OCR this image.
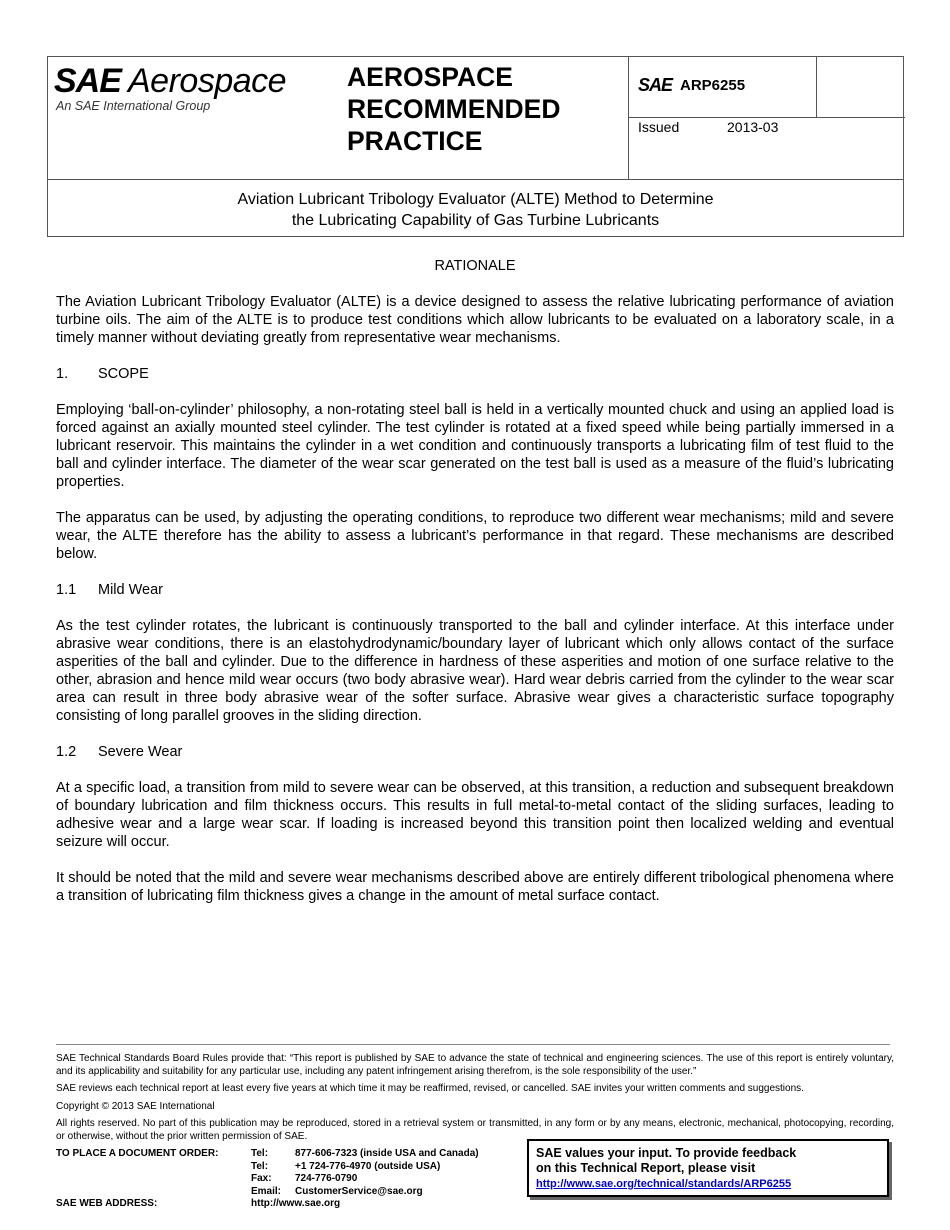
SAE Aerospace
An SAE International Group
AEROSPACE
RECOMMENDED
PRACTICE
SAE ARP6255
Issued	2013-03
Aviation Lubricant Tribology Evaluator (ALTE) Method to Determine
the Lubricating Capability of Gas Turbine Lubricants
RATIONALE

The Aviation Lubricant Tribology Evaluator (ALTE) is a device designed to assess the relative lubricating performance of aviation turbine oils. The aim of the ALTE is to produce test conditions which allow lubricants to be evaluated on a laboratory scale, in a timely manner without deviating greatly from representative wear mechanisms.

1.	SCOPE

Employing ‘ball-on-cylinder’ philosophy, a non-rotating steel ball is held in a vertically mounted chuck and using an applied load is forced against an axially mounted steel cylinder. The test cylinder is rotated at a fixed speed while being partially immersed in a lubricant reservoir. This maintains the cylinder in a wet condition and continuously transports a lubricating film of test fluid to the ball and cylinder interface. The diameter of the wear scar generated on the test ball is used as a measure of the fluid’s lubricating properties.

The apparatus can be used, by adjusting the operating conditions, to reproduce two different wear mechanisms; mild and severe wear, the ALTE therefore has the ability to assess a lubricant’s performance in that regard. These mechanisms are described below.

1.1	Mild Wear

As the test cylinder rotates, the lubricant is continuously transported to the ball and cylinder interface. At this interface under abrasive wear conditions, there is an elastohydrodynamic/boundary layer of lubricant which only allows contact of the surface asperities of the ball and cylinder. Due to the difference in hardness of these asperities and motion of one surface relative to the other, abrasion and hence mild wear occurs (two body abrasive wear). Hard wear debris carried from the cylinder to the wear scar area can result in three body abrasive wear of the softer surface. Abrasive wear gives a characteristic surface topography consisting of long parallel grooves in the sliding direction.

1.2	Severe Wear

At a specific load, a transition from mild to severe wear can be observed, at this transition, a reduction and subsequent breakdown of boundary lubrication and film thickness occurs. This results in full metal-to-metal contact of the sliding surfaces, leading to adhesive wear and a large wear scar. If loading is increased beyond this transition point then localized welding and eventual seizure will occur.

It should be noted that the mild and severe wear mechanisms described above are entirely different tribological phenomena where a transition of lubricating film thickness gives a change in the amount of metal surface contact.

SAE Technical Standards Board Rules provide that: “This report is published by SAE to advance the state of technical and engineering sciences. The use of this report is entirely voluntary, and its applicability and suitability for any particular use, including any patent infringement arising therefrom, is the sole responsibility of the user.”

SAE reviews each technical report at least every five years at which time it may be reaffirmed, revised, or cancelled. SAE invites your written comments and suggestions.

Copyright © 2013 SAE International

All rights reserved. No part of this publication may be reproduced, stored in a retrieval system or transmitted, in any form or by any means, electronic, mechanical, photocopying, recording, or otherwise, without the prior written permission of SAE.

TO PLACE A DOCUMENT ORDER:	Tel:	877-606-7323 (inside USA and Canada)
Tel:	+1 724-776-4970 (outside USA)
Fax:	724-776-0790
Email:	CustomerService@sae.org
SAE WEB ADDRESS:	http://www.sae.org
SAE values your input. To provide feedback
on this Technical Report, please visit
http://www.sae.org/technical/standards/ARP6255
